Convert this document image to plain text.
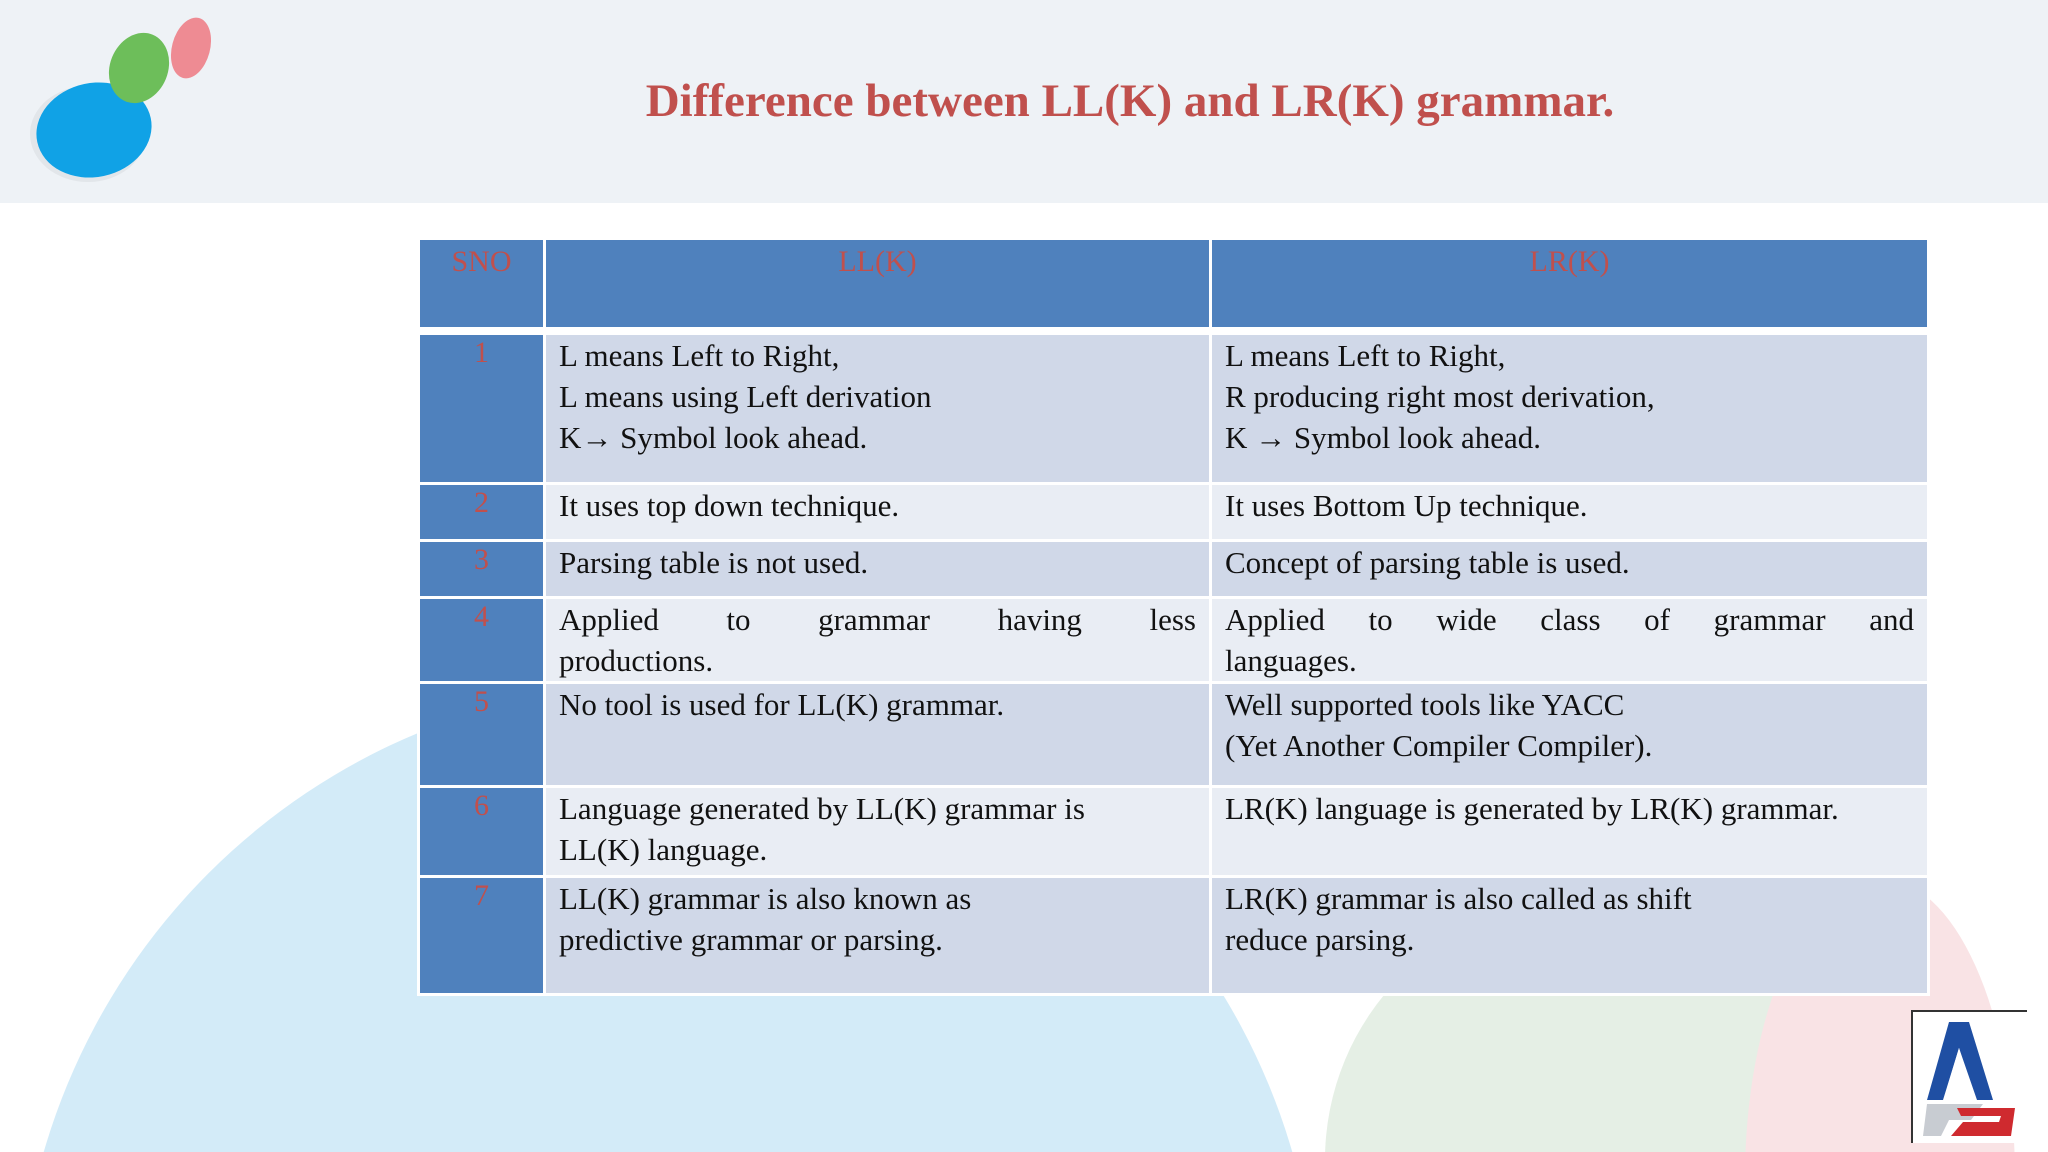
Difference between LL(K) and LR(K) grammar.
SNO	LL(K)	LR(K)

1	L means Left to Right,
L means using Left derivation
K→ Symbol look ahead.	L means Left to Right,
R producing right most derivation,
K → Symbol look ahead.

2	It uses top down technique.	It uses Bottom Up technique.

3	Parsing table is not used.	Concept of parsing table is used.

4	Applied to grammar having less
productions.	Applied to wide class of grammar and
languages.

5	No tool is used for LL(K) grammar.	Well supported tools like YACC
(Yet Another Compiler Compiler).

6	Language generated by LL(K) grammar is
LL(K) language.	LR(K) language is generated by LR(K) grammar.

7	LL(K) grammar is also known as
predictive grammar or parsing.	LR(K) grammar is also called as shift
reduce parsing.
